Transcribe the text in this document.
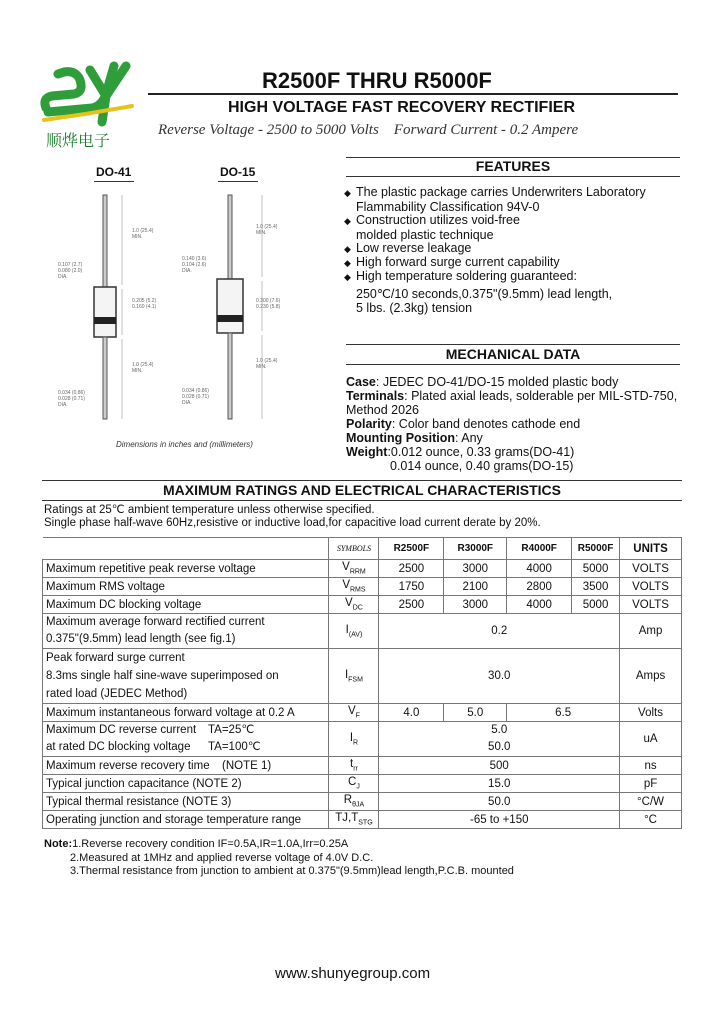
顺烨电子
R2500F THRU R5000F
HIGH VOLTAGE FAST RECOVERY RECTIFIER
Reverse Voltage - 2500 to 5000 Volts Forward Current - 0.2 Ampere
DO-41	DO-15
1.0 (25.4)
MIN.
0.107 (2.7)
0.080 (2.0)
DIA.
0.205 (5.2)
0.160 (4.1)
1.0 (25.4)
MIN.
0.034 (0.86)
0.028 (0.71)
DIA.
1.0 (25.4)
MIN.
0.140 (3.6)
0.104 (2.6)
DIA.
0.300 (7.6)
0.230 (5.8)
1.0 (25.4)
MIN.
0.034 (0.86)
0.028 (0.71)
DIA.
Dimensions in inches and (millimeters)
FEATURES
◆ The plastic package carries Underwriters Laboratory
Flammability Classification 94V-0
◆ Construction utilizes void-free
molded plastic technique
◆ Low reverse leakage
◆ High forward surge current capability
◆ High temperature soldering guaranteed:
250℃/10 seconds,0.375"(9.5mm) lead length,
5 lbs. (2.3kg) tension
MECHANICAL DATA
Case: JEDEC DO-41/DO-15 molded plastic body
Terminals: Plated axial leads, solderable per MIL-STD-750,
Method 2026
Polarity: Color band denotes cathode end
Mounting Position: Any
Weight:0.012 ounce, 0.33 grams(DO-41)
0.014 ounce, 0.40 grams(DO-15)
MAXIMUM RATINGS AND ELECTRICAL CHARACTERISTICS
Ratings at 25℃ ambient temperature unless otherwise specified.
Single phase half-wave 60Hz,resistive or inductive load,for capacitive load current derate by 20%.
	SYMBOLS	R2500F	R3000F	R4000F	R5000F	UNITS
Maximum repetitive peak reverse voltage	$V_{RRM}$	2500	3000	4000	5000	VOLTS
Maximum RMS voltage	$V_{RMS}$	1750	2100	2800	3500	VOLTS
Maximum DC blocking voltage	$V_{DC}$	2500	3000	4000	5000	VOLTS
Maximum average forward rectified current
0.375"(9.5mm) lead length (see fig.1)	$I_{(AV)}$	0.2				Amp
Peak forward surge current
8.3ms single half sine-wave superimposed on
rated load (JEDEC Method)	$I_{FSM}$	30.0				Amps
Maximum instantaneous forward voltage at 0.2 A	$V_F$	4.0	5.0	6.5		Volts
Maximum DC reverse current TA=25℃
at rated DC blocking voltage TA=100℃	$I_R$	5.0
50.0				uA
Maximum reverse recovery time (NOTE 1)	$t_{rr}$	500				ns
Typical junction capacitance (NOTE 2)	$C_J$	15.0				pF
Typical thermal resistance (NOTE 3)	$R_{\theta JA}$	50.0				°C/W
Operating junction and storage temperature range	$TJ,T_{STG}$	-65 to +150				°C
Note:1.Reverse recovery condition IF=0.5A,IR=1.0A,Irr=0.25A
2.Measured at 1MHz and applied reverse voltage of 4.0V D.C.
3.Thermal resistance from junction to ambient at 0.375"(9.5mm)lead length,P.C.B. mounted
www.shunyegroup.com
